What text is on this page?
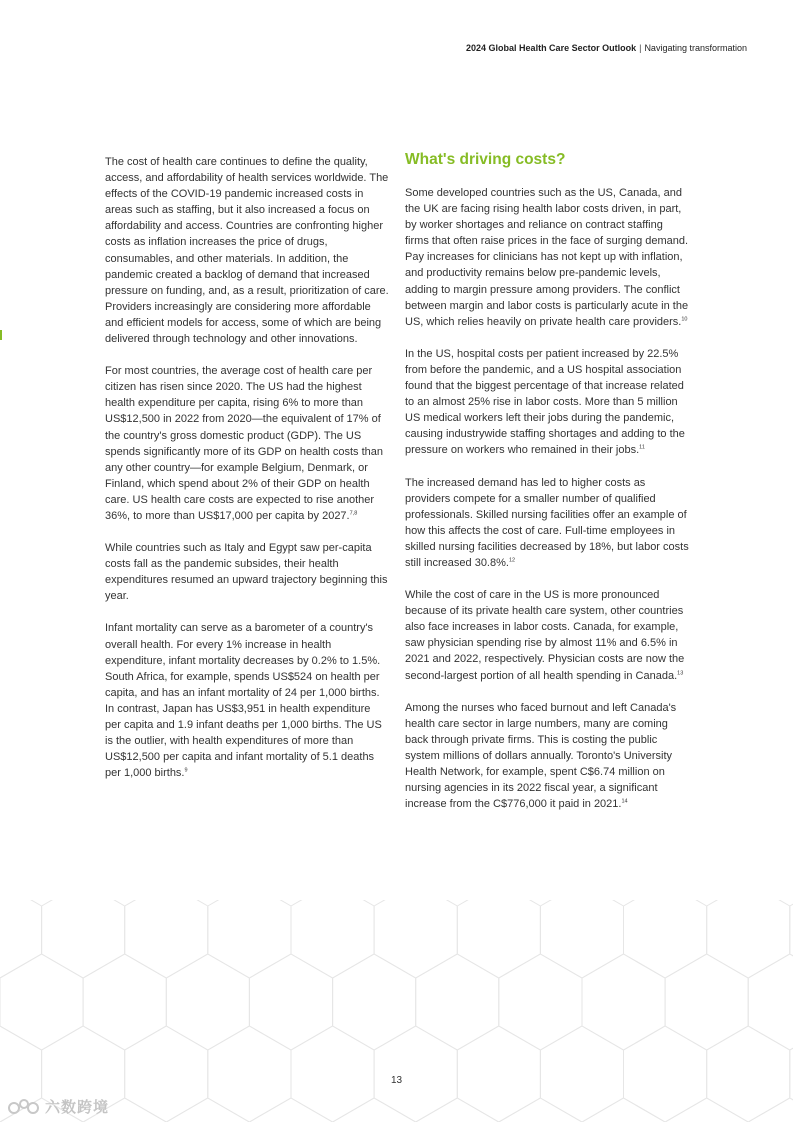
2024 Global Health Care Sector Outlook | Navigating transformation

The cost of health care continues to define the quality, access, and affordability of health services worldwide. The effects of the COVID-19 pandemic increased costs in areas such as staffing, but it also increased a focus on affordability and access. Countries are confronting higher costs as inflation increases the price of drugs, consumables, and other materials. In addition, the pandemic created a backlog of demand that increased pressure on funding, and, as a result, prioritization of care. Providers increasingly are considering more affordable and efficient models for access, some of which are being delivered through technology and other innovations.

For most countries, the average cost of health care per citizen has risen since 2020. The US had the highest health expenditure per capita, rising 6% to more than US$12,500 in 2022 from 2020—the equivalent of 17% of the country's gross domestic product (GDP). The US spends significantly more of its GDP on health costs than any other country—for example Belgium, Denmark, or Finland, which spend about 2% of their GDP on health care. US health care costs are expected to rise another 36%, to more than US$17,000 per capita by 2027.$^{7,8}$

While countries such as Italy and Egypt saw per-capita costs fall as the pandemic subsides, their health expenditures resumed an upward trajectory beginning this year.

Infant mortality can serve as a barometer of a country's overall health. For every 1% increase in health expenditure, infant mortality decreases by 0.2% to 1.5%. South Africa, for example, spends US$524 on health per capita, and has an infant mortality of 24 per 1,000 births. In contrast, Japan has US$3,951 in health expenditure per capita and 1.9 infant deaths per 1,000 births. The US is the outlier, with health expenditures of more than US$12,500 per capita and infant mortality of 5.1 deaths per 1,000 births.$^9$

What's driving costs?

Some developed countries such as the US, Canada, and the UK are facing rising health labor costs driven, in part, by worker shortages and reliance on contract staffing firms that often raise prices in the face of surging demand. Pay increases for clinicians has not kept up with inflation, and productivity remains below pre-pandemic levels, adding to margin pressure among providers. The conflict between margin and labor costs is particularly acute in the US, which relies heavily on private health care providers.$^{10}$

In the US, hospital costs per patient increased by 22.5% from before the pandemic, and a US hospital association found that the biggest percentage of that increase related to an almost 25% rise in labor costs. More than 5 million US medical workers left their jobs during the pandemic, causing industrywide staffing shortages and adding to the pressure on workers who remained in their jobs.$^{11}$

The increased demand has led to higher costs as providers compete for a smaller number of qualified professionals. Skilled nursing facilities offer an example of how this affects the cost of care. Full-time employees in skilled nursing facilities decreased by 18%, but labor costs still increased 30.8%.$^{12}$

While the cost of care in the US is more pronounced because of its private health care system, other countries also face increases in labor costs. Canada, for example, saw physician spending rise by almost 11% and 6.5% in 2021 and 2022, respectively. Physician costs are now the second-largest portion of all health spending in Canada.$^{13}$

Among the nurses who faced burnout and left Canada's health care sector in large numbers, many are coming back through private firms. This is costing the public system millions of dollars annually. Toronto's University Health Network, for example, spent C$6.74 million on nursing agencies in its 2022 fiscal year, a significant increase from the C$776,000 it paid in 2021.14

13
六数跨境
